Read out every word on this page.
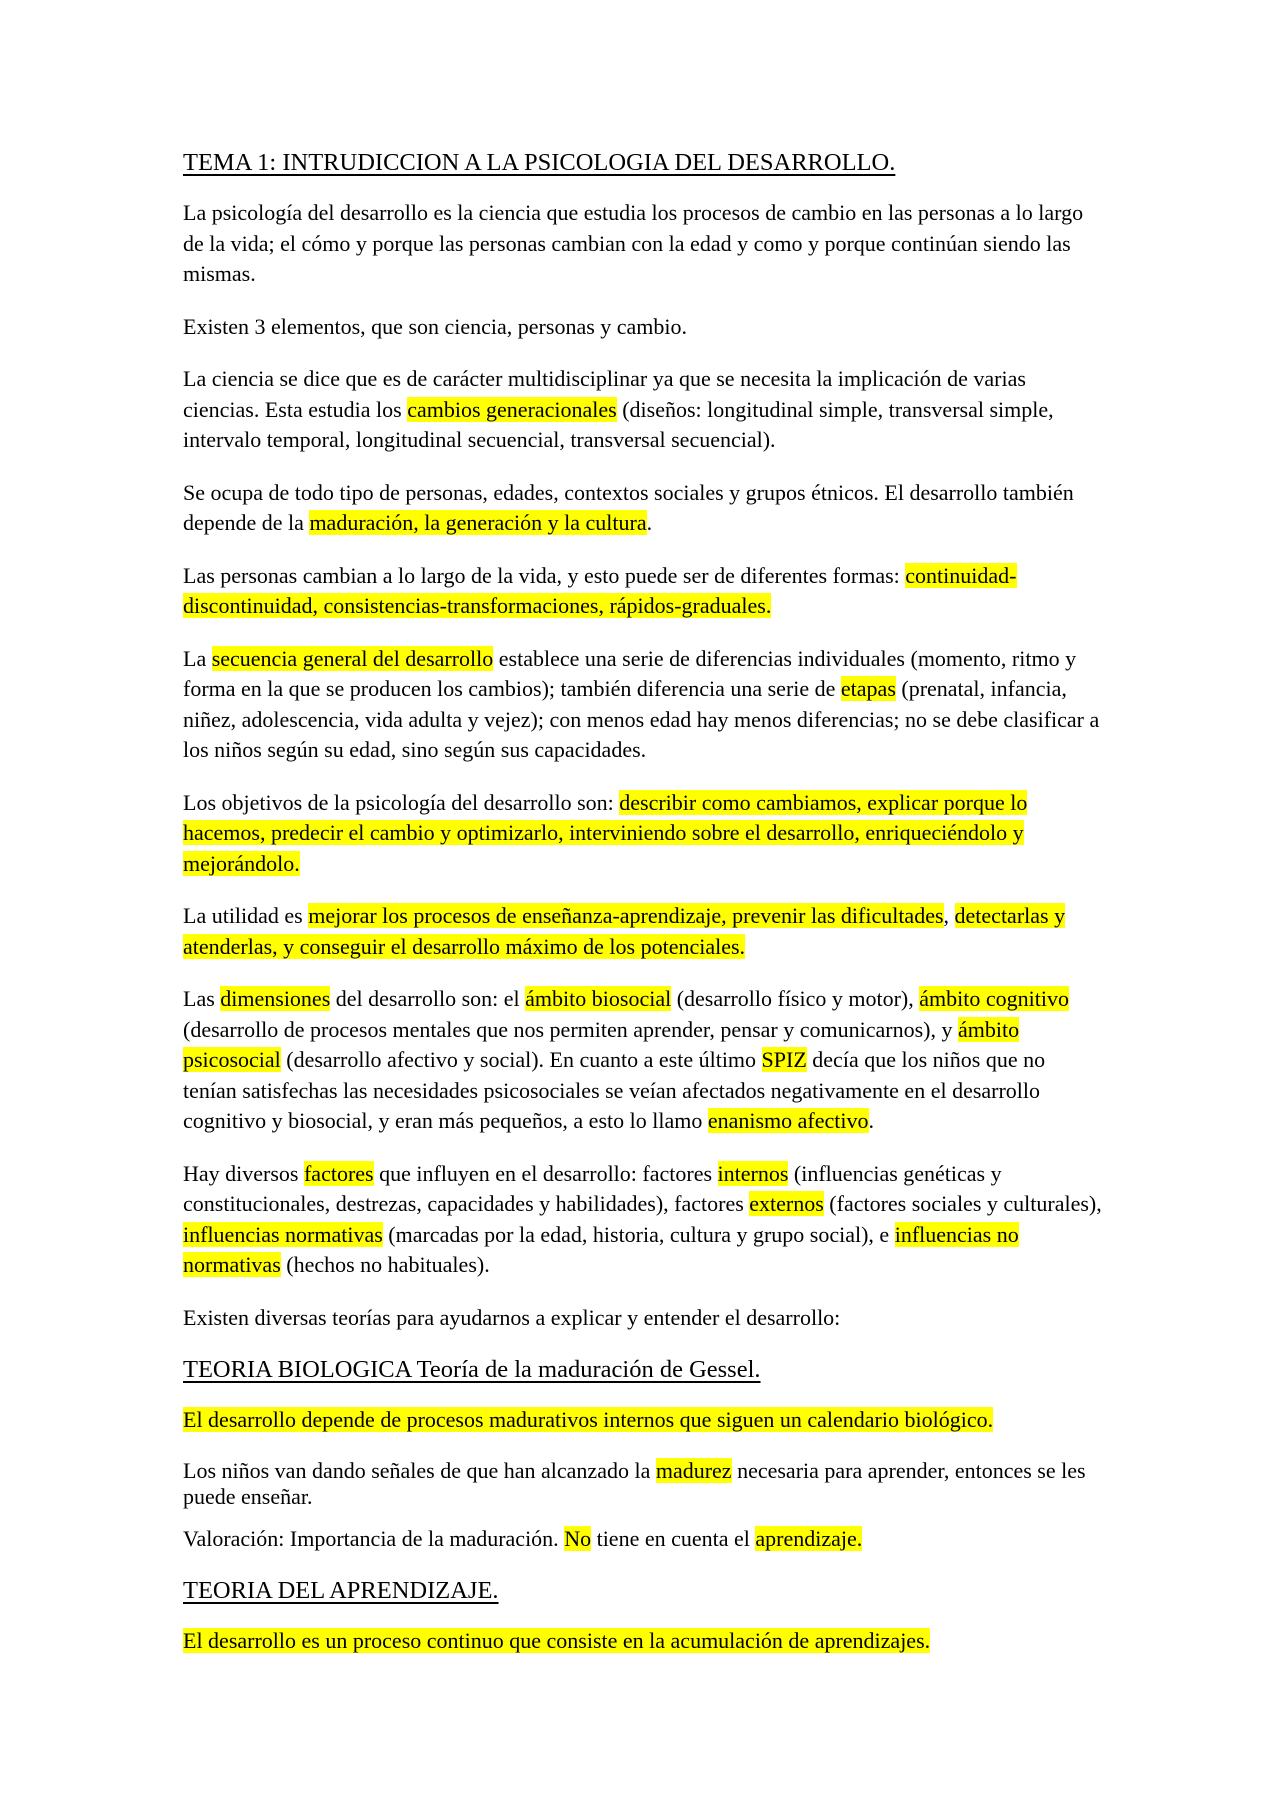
TEMA 1: INTRUDICCION A LA PSICOLOGIA DEL DESARROLLO.

La psicología del desarrollo es la ciencia que estudia los procesos de cambio en las personas a lo largo de la vida; el cómo y porque las personas cambian con la edad y como y porque continúan siendo las mismas.

Existen 3 elementos, que son ciencia, personas y cambio.

La ciencia se dice que es de carácter multidisciplinar ya que se necesita la implicación de varias ciencias. Esta estudia los cambios generacionales (diseños: longitudinal simple, transversal simple, intervalo temporal, longitudinal secuencial, transversal secuencial).

Se ocupa de todo tipo de personas, edades, contextos sociales y grupos étnicos. El desarrollo también depende de la maduración, la generación y la cultura.

Las personas cambian a lo largo de la vida, y esto puede ser de diferentes formas: continuidad-discontinuidad, consistencias-transformaciones, rápidos-graduales.

La secuencia general del desarrollo establece una serie de diferencias individuales (momento, ritmo y forma en la que se producen los cambios); también diferencia una serie de etapas (prenatal, infancia, niñez, adolescencia, vida adulta y vejez); con menos edad hay menos diferencias; no se debe clasificar a los niños según su edad, sino según sus capacidades.

Los objetivos de la psicología del desarrollo son: describir como cambiamos, explicar porque lo hacemos, predecir el cambio y optimizarlo, interviniendo sobre el desarrollo, enriqueciéndolo y mejorándolo.

La utilidad es mejorar los procesos de enseñanza-aprendizaje, prevenir las dificultades, detectarlas y atenderlas, y conseguir el desarrollo máximo de los potenciales.

Las dimensiones del desarrollo son: el ámbito biosocial (desarrollo físico y motor), ámbito cognitivo (desarrollo de procesos mentales que nos permiten aprender, pensar y comunicarnos), y ámbito psicosocial (desarrollo afectivo y social). En cuanto a este último SPIZ decía que los niños que no tenían satisfechas las necesidades psicosociales se veían afectados negativamente en el desarrollo cognitivo y biosocial, y eran más pequeños, a esto lo llamo enanismo afectivo.

Hay diversos factores que influyen en el desarrollo: factores internos (influencias genéticas y constitucionales, destrezas, capacidades y habilidades), factores externos (factores sociales y culturales), influencias normativas (marcadas por la edad, historia, cultura y grupo social), e influencias no normativas (hechos no habituales).

Existen diversas teorías para ayudarnos a explicar y entender el desarrollo:

TEORIA BIOLOGICA Teoría de la maduración de Gessel.

El desarrollo depende de procesos madurativos internos que siguen un calendario biológico.

Los niños van dando señales de que han alcanzado la madurez necesaria para aprender, entonces se les puede enseñar.

Valoración: Importancia de la maduración. No tiene en cuenta el aprendizaje.

TEORIA DEL APRENDIZAJE.

El desarrollo es un proceso continuo que consiste en la acumulación de aprendizajes.
